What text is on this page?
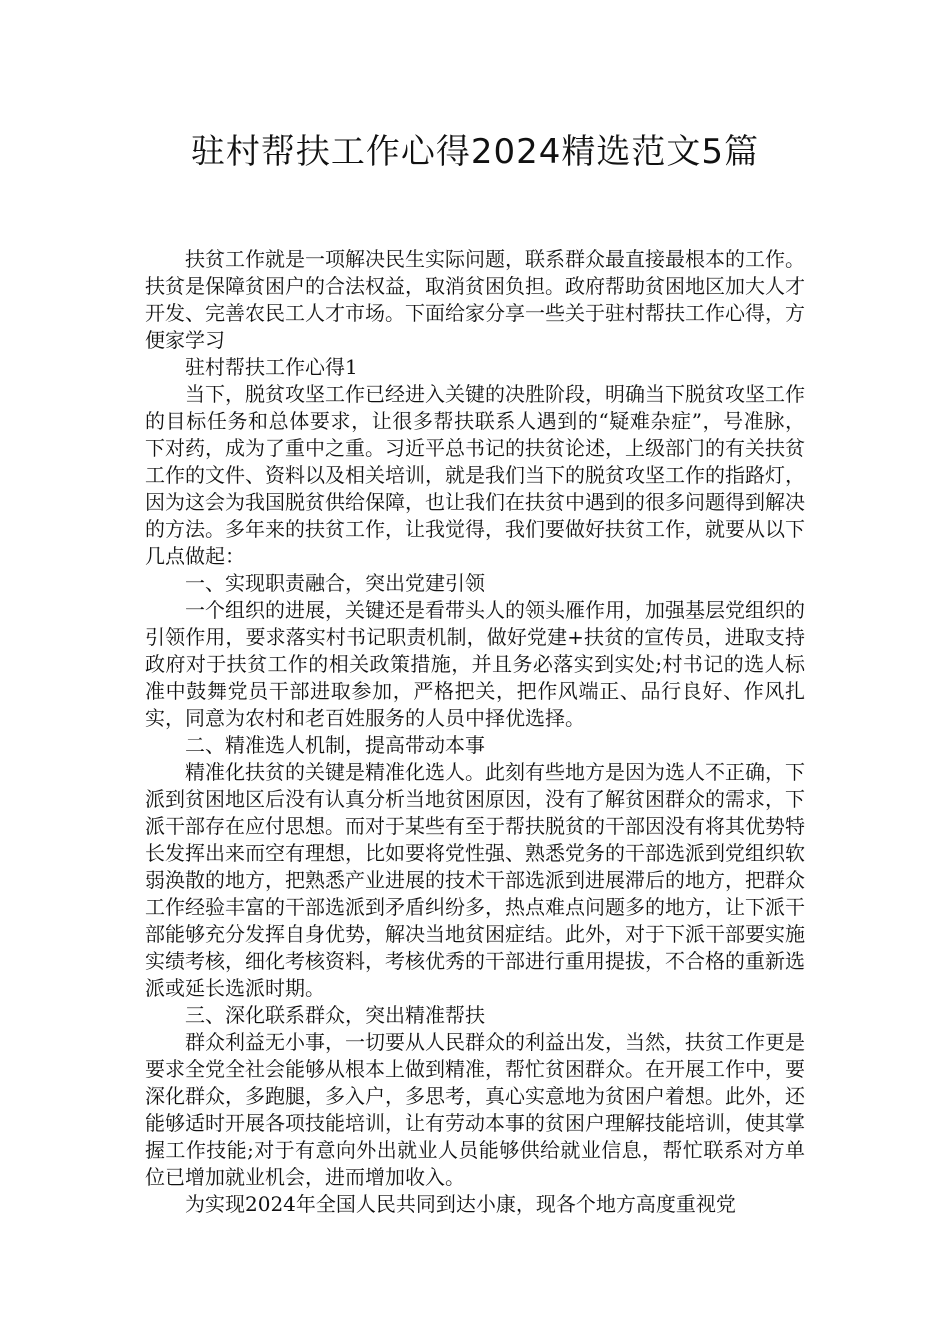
驻村帮扶工作心得2024精选范文5篇

扶贫工作就是一项解决民生实际问题，联系群众最直接最根本的工作。扶贫是保障贫困户的合法权益，取消贫困负担。政府帮助贫困地区加大人才开发、完善农民工人才市场。下面给家分享一些关于驻村帮扶工作心得，方便家学习

驻村帮扶工作心得1

当下，脱贫攻坚工作已经进入关键的决胜阶段，明确当下脱贫攻坚工作的目标任务和总体要求，让很多帮扶联系人遇到的“疑难杂症”，号准脉，下对药，成为了重中之重。习近平总书记的扶贫论述，上级部门的有关扶贫工作的文件、资料以及相关培训，就是我们当下的脱贫攻坚工作的指路灯，因为这会为我国脱贫供给保障，也让我们在扶贫中遇到的很多问题得到解决的方法。多年来的扶贫工作，让我觉得，我们要做好扶贫工作，就要从以下几点做起：

一、实现职责融合，突出党建引领

一个组织的进展，关键还是看带头人的领头雁作用，加强基层党组织的引领作用，要求落实村书记职责机制，做好党建+扶贫的宣传员，进取支持政府对于扶贫工作的相关政策措施，并且务必落实到实处;村书记的选人标准中鼓舞党员干部进取参加，严格把关，把作风端正、品行良好、作风扎实，同意为农村和老百姓服务的人员中择优选择。

二、精准选人机制，提高带动本事

精准化扶贫的关键是精准化选人。此刻有些地方是因为选人不正确，下派到贫困地区后没有认真分析当地贫困原因，没有了解贫困群众的需求，下派干部存在应付思想。而对于某些有至于帮扶脱贫的干部因没有将其优势特长发挥出来而空有理想，比如要将党性强、熟悉党务的干部选派到党组织软弱涣散的地方，把熟悉产业进展的技术干部选派到进展滞后的地方，把群众工作经验丰富的干部选派到矛盾纠纷多，热点难点问题多的地方，让下派干部能够充分发挥自身优势，解决当地贫困症结。此外，对于下派干部要实施实绩考核，细化考核资料，考核优秀的干部进行重用提拔，不合格的重新选派或延长选派时期。

三、深化联系群众，突出精准帮扶

群众利益无小事，一切要从人民群众的利益出发，当然，扶贫工作更是要求全党全社会能够从根本上做到精准，帮忙贫困群众。在开展工作中，要深化群众，多跑腿，多入户，多思考，真心实意地为贫困户着想。此外，还能够适时开展各项技能培训，让有劳动本事的贫困户理解技能培训，使其掌握工作技能;对于有意向外出就业人员能够供给就业信息，帮忙联系对方单位已增加就业机会，进而增加收入。

为实现2024年全国人民共同到达小康，现各个地方高度重视党
